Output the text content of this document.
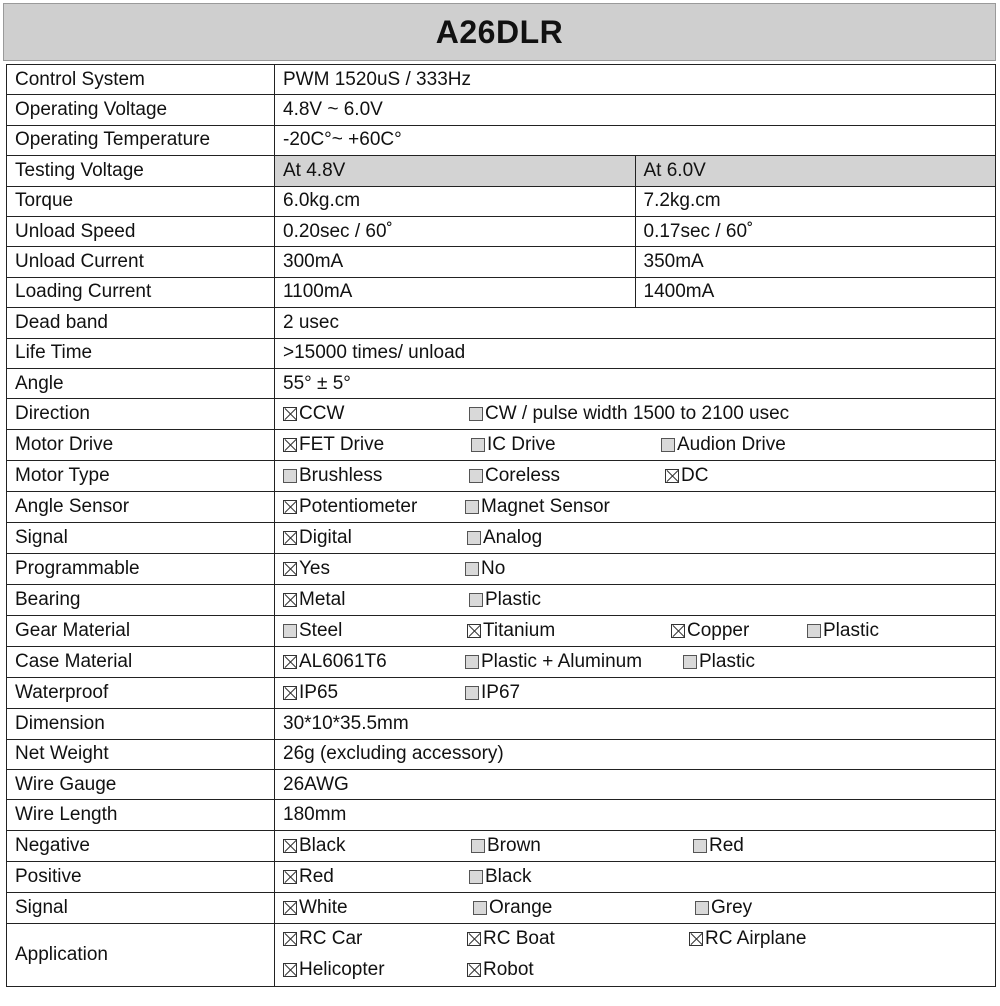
A26DLR
Control System	PWM 1520uS / 333Hz	
Operating Voltage	4.8V ~ 6.0V	
Operating Temperature	-20C°~ +60C°	
Testing Voltage	At 4.8V	At 6.0V
Torque	6.0kg.cm	7.2kg.cm
Unload Speed	0.20sec / 60˚	0.17sec / 60˚
Unload Current	300mA	350mA
Loading Current	1100mA	1400mA
Dead band	2 usec	
Life Time	>15000 times/ unload	
Angle	55° ± 5°	
Direction	CCW CW / pulse width 1500 to 2100 usec	

Motor Drive	FET Drive IC Drive Audion Drive	

Motor Type	Brushless Coreless DC	

Angle Sensor	Potentiometer Magnet Sensor	

Signal	Digital Analog	

Programmable	Yes No	

Bearing	Metal Plastic	

Gear Material	Steel Titanium Copper Plastic	

Case Material	AL6061T6 Plastic + Aluminum Plastic	

Waterproof	IP65 IP67	

Dimension	30*10*35.5mm	
Net Weight	26g (excluding accessory)	
Wire Gauge	26AWG	
Wire Length	180mm	
Negative	Black Brown Red	

Positive	Red Black	

Signal	White Orange Grey	

Application	RC Car RC Boat RC Airplane
Helicopter Robot	
